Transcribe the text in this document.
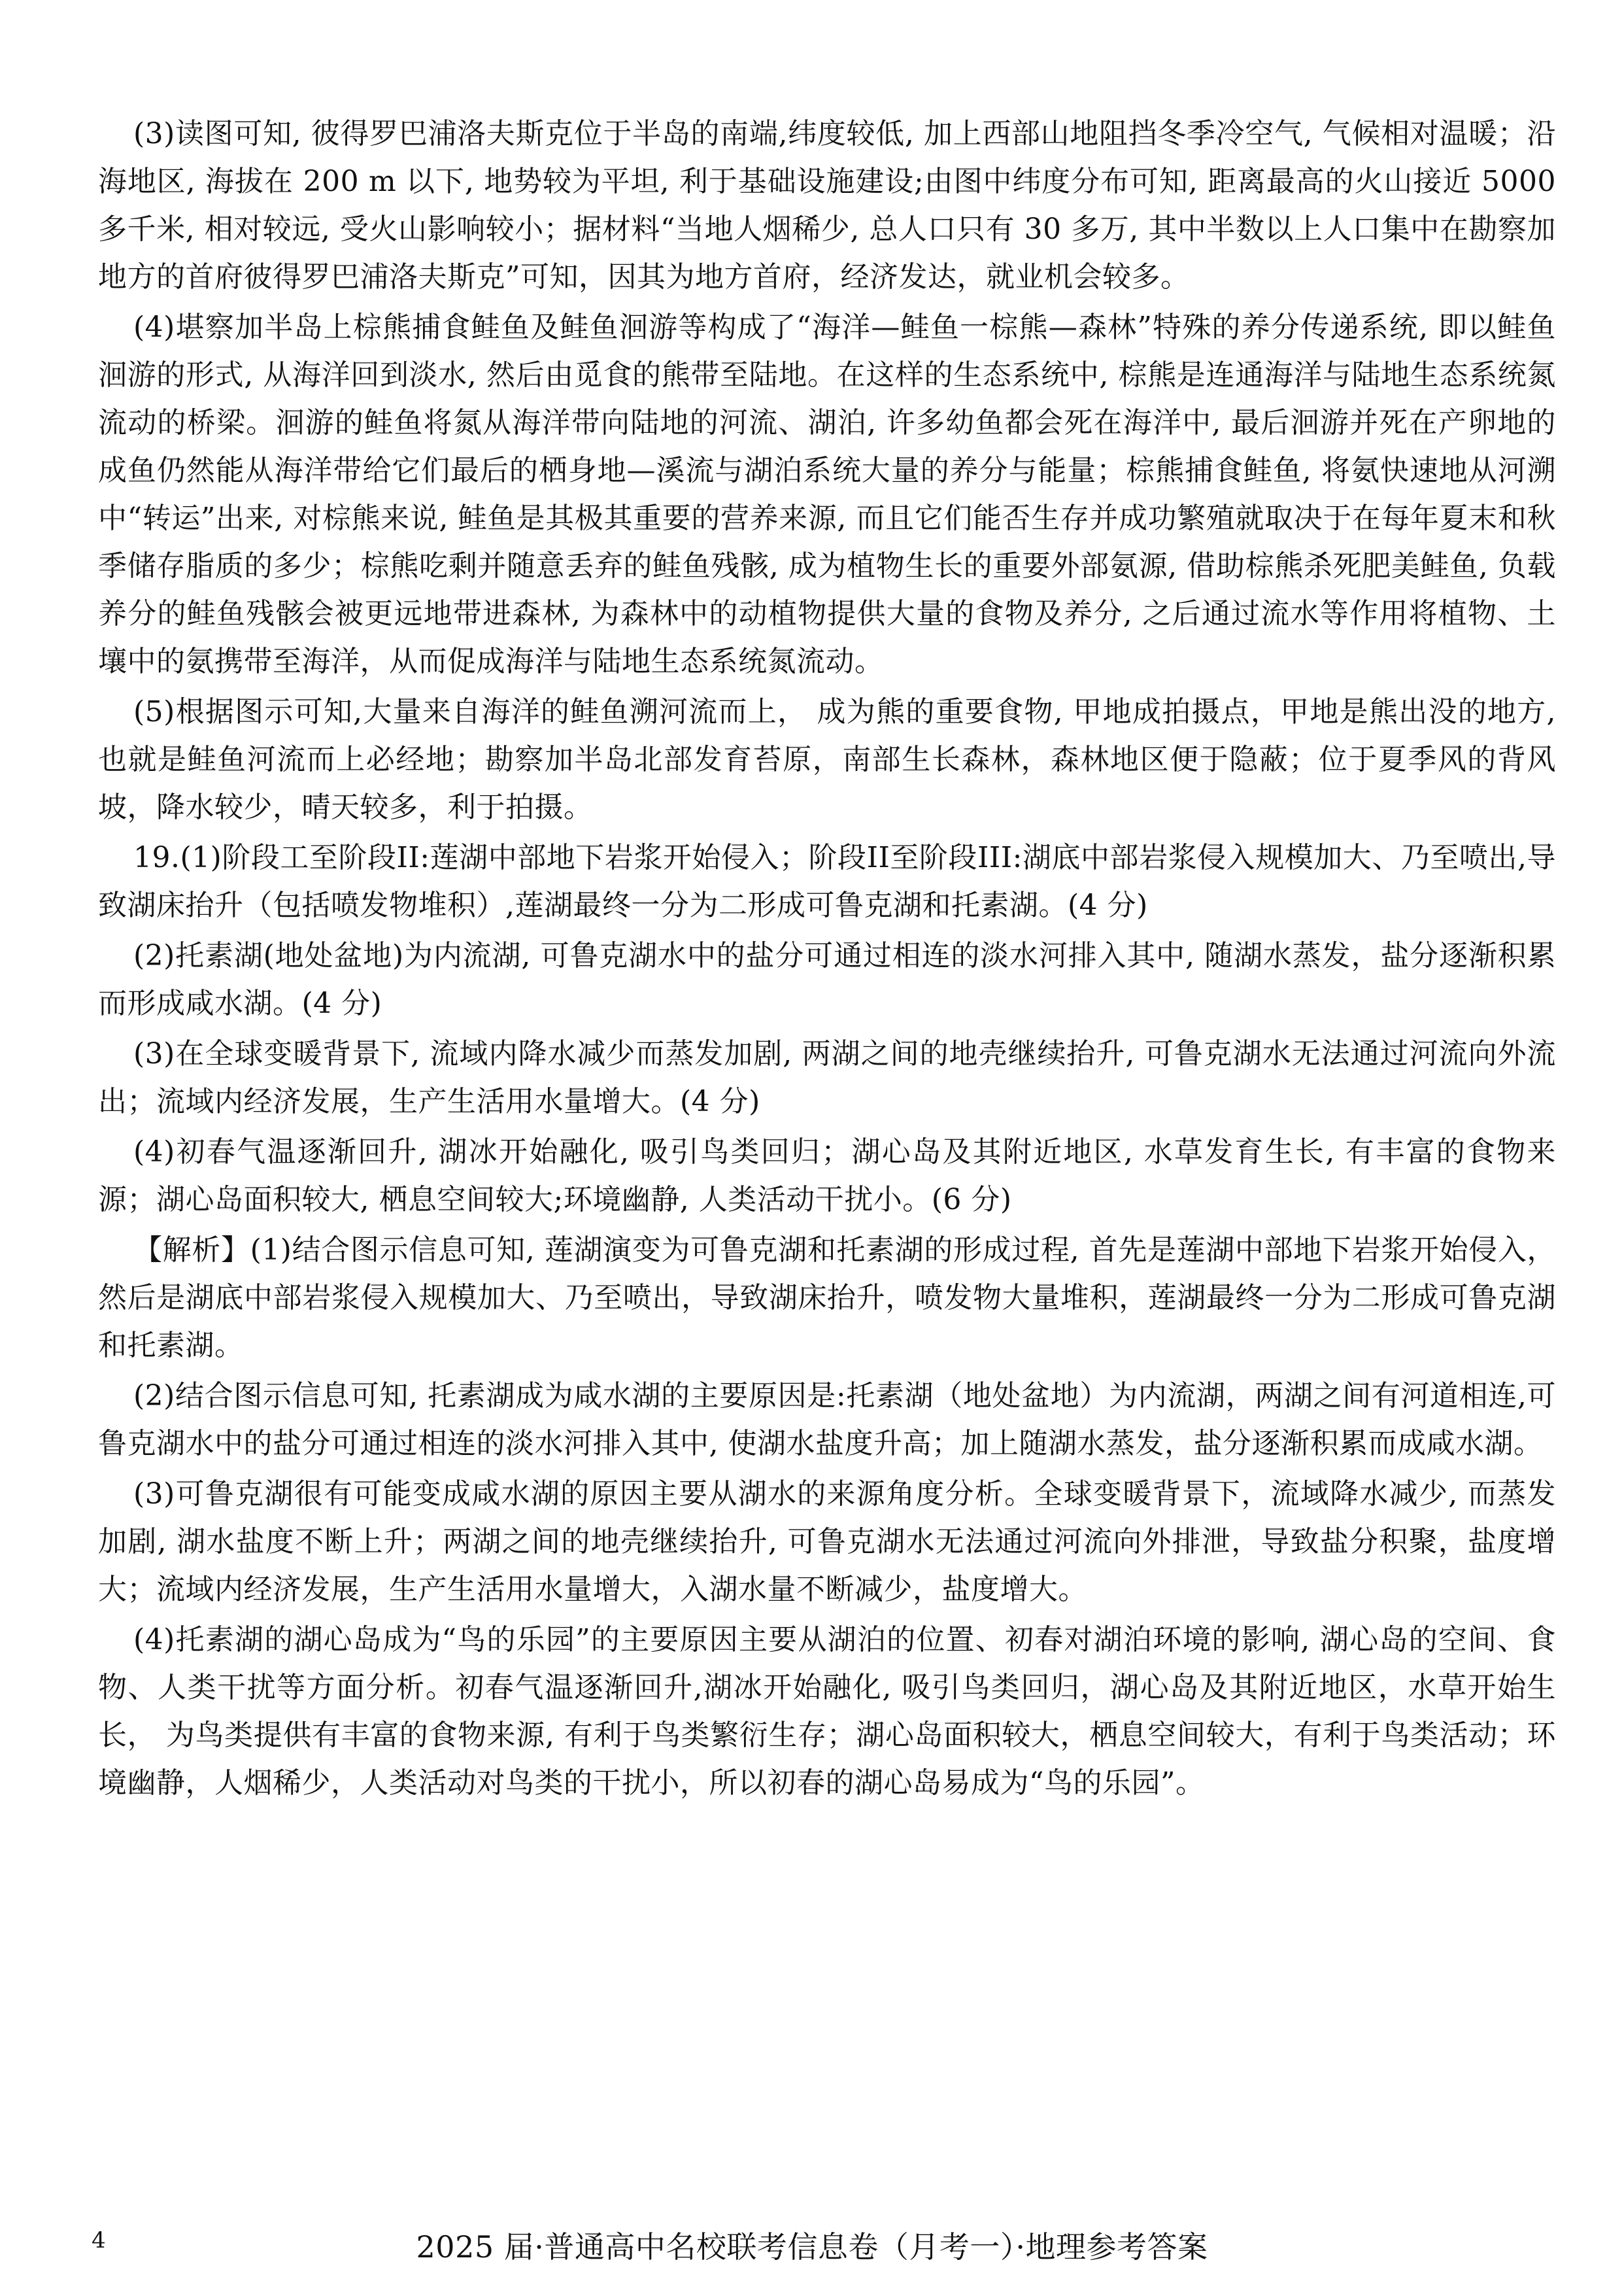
(3)读图可知, 彼得罗巴浦洛夫斯克位于半岛的南端,纬度较低, 加上西部山地阻挡冬季冷空气, 气候相对温暖；沿海地区, 海拔在 200 m 以下, 地势较为平坦, 利于基础设施建设;由图中纬度分布可知, 距离最高的火山接近 5000 多千米, 相对较远, 受火山影响较小；据材料“当地人烟稀少, 总人口只有 30 多万, 其中半数以上人口集中在勘察加地方的首府彼得罗巴浦洛夫斯克”可知，因其为地方首府，经济发达，就业机会较多。

(4)堪察加半岛上棕熊捕食鲑鱼及鲑鱼洄游等构成了“海洋—鲑鱼一棕熊—森林”特殊的养分传递系统, 即以鲑鱼洄游的形式, 从海洋回到淡水, 然后由觅食的熊带至陆地。在这样的生态系统中, 棕熊是连通海洋与陆地生态系统氮流动的桥梁。洄游的鲑鱼将氮从海洋带向陆地的河流、湖泊, 许多幼鱼都会死在海洋中, 最后洄游并死在产卵地的成鱼仍然能从海洋带给它们最后的栖身地—溪流与湖泊系统大量的养分与能量；棕熊捕食鲑鱼, 将氨快速地从河溯中“转运”出来, 对棕熊来说, 鲑鱼是其极其重要的营养来源, 而且它们能否生存并成功繁殖就取决于在每年夏末和秋季储存脂质的多少；棕熊吃剩并随意丢弃的鲑鱼残骸, 成为植物生长的重要外部氨源, 借助棕熊杀死肥美鲑鱼, 负载养分的鲑鱼残骸会被更远地带进森林, 为森林中的动植物提供大量的食物及养分, 之后通过流水等作用将植物、土壤中的氨携带至海洋，从而促成海洋与陆地生态系统氮流动。

(5)根据图示可知,大量来自海洋的鲑鱼溯河流而上， 成为熊的重要食物, 甲地成拍摄点，甲地是熊出没的地方, 也就是鲑鱼河流而上必经地；勘察加半岛北部发育苔原，南部生长森林，森林地区便于隐蔽；位于夏季风的背风坡，降水较少，晴天较多，利于拍摄。

19.(1)阶段工至阶段II:莲湖中部地下岩浆开始侵入；阶段II至阶段III:湖底中部岩浆侵入规模加大、乃至喷出,导致湖床抬升（包括喷发物堆积）,莲湖最终一分为二形成可鲁克湖和托素湖。(4 分)

(2)托素湖(地处盆地)为内流湖, 可鲁克湖水中的盐分可通过相连的淡水河排入其中, 随湖水蒸发，盐分逐渐积累而形成咸水湖。(4 分)

(3)在全球变暖背景下, 流域内降水减少而蒸发加剧, 两湖之间的地壳继续抬升, 可鲁克湖水无法通过河流向外流出；流域内经济发展，生产生活用水量增大。(4 分)

(4)初春气温逐渐回升, 湖冰开始融化, 吸引鸟类回归；湖心岛及其附近地区, 水草发育生长, 有丰富的食物来源；湖心岛面积较大, 栖息空间较大;环境幽静, 人类活动干扰小。(6 分)

【解析】(1)结合图示信息可知, 莲湖演变为可鲁克湖和托素湖的形成过程, 首先是莲湖中部地下岩浆开始侵入，然后是湖底中部岩浆侵入规模加大、乃至喷出，导致湖床抬升，喷发物大量堆积，莲湖最终一分为二形成可鲁克湖和托素湖。

(2)结合图示信息可知, 托素湖成为咸水湖的主要原因是:托素湖（地处盆地）为内流湖，两湖之间有河道相连,可鲁克湖水中的盐分可通过相连的淡水河排入其中, 使湖水盐度升高；加上随湖水蒸发，盐分逐渐积累而成咸水湖。

(3)可鲁克湖很有可能变成咸水湖的原因主要从湖水的来源角度分析。全球变暖背景下，流域降水减少, 而蒸发加剧, 湖水盐度不断上升；两湖之间的地壳继续抬升, 可鲁克湖水无法通过河流向外排泄，导致盐分积聚，盐度增大；流域内经济发展，生产生活用水量增大，入湖水量不断减少，盐度增大。

(4)托素湖的湖心岛成为“鸟的乐园”的主要原因主要从湖泊的位置、初春对湖泊环境的影响, 湖心岛的空间、食物、人类干扰等方面分析。初春气温逐渐回升,湖冰开始融化, 吸引鸟类回归，湖心岛及其附近地区，水草开始生长， 为鸟类提供有丰富的食物来源, 有利于鸟类繁衍生存；湖心岛面积较大，栖息空间较大，有利于鸟类活动；环境幽静，人烟稀少，人类活动对鸟类的干扰小，所以初春的湖心岛易成为“鸟的乐园”。

4	2025 届·普通高中名校联考信息卷（月考一）·地理参考答案
